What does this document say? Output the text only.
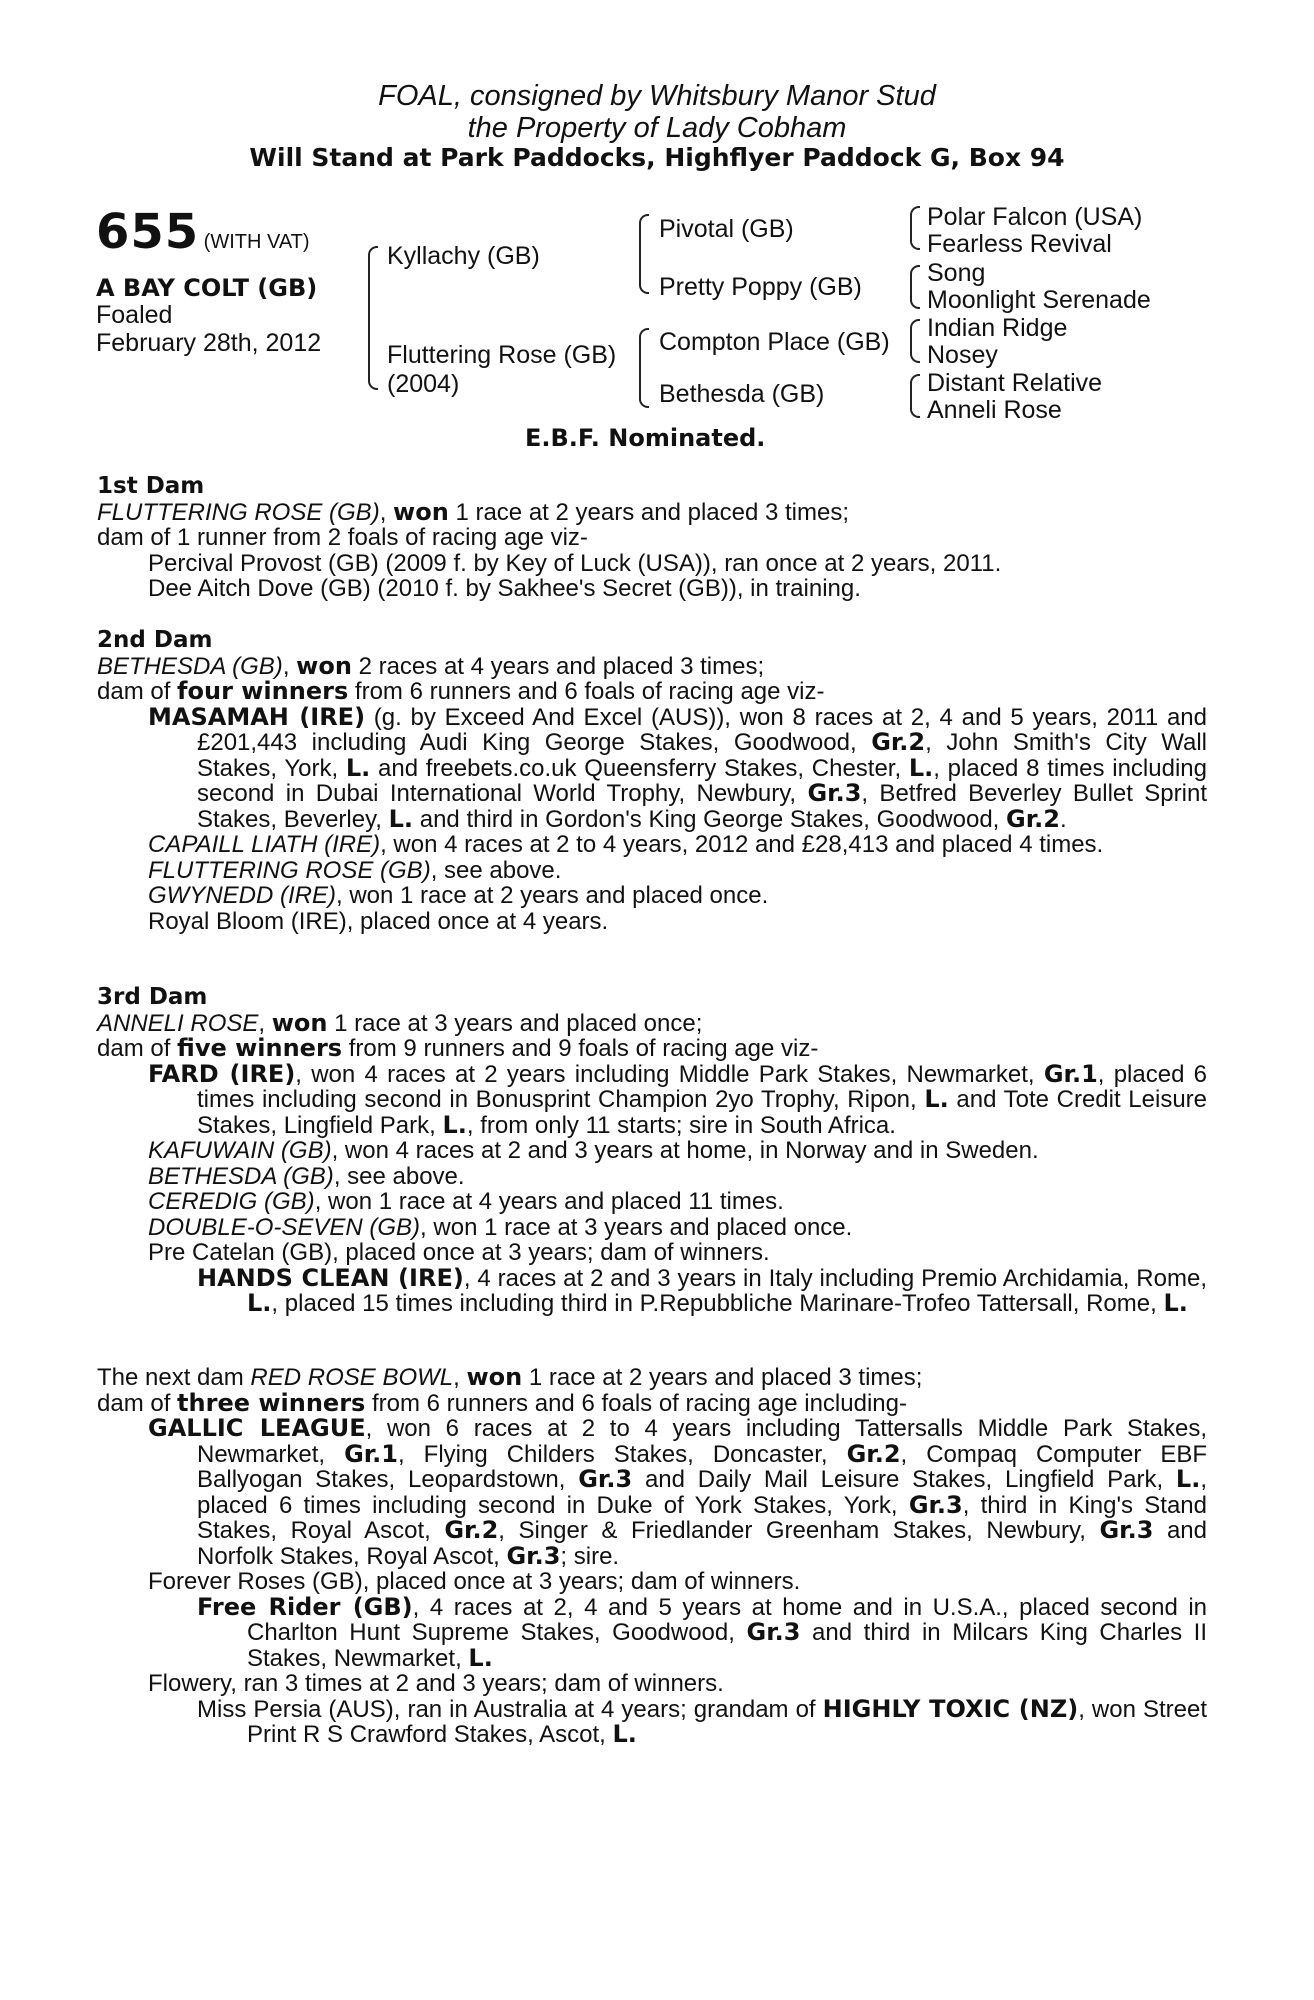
FOAL, consigned by Whitsbury Manor Stud
the Property of Lady Cobham
Will Stand at Park Paddocks, Highflyer Paddock G, Box 94
655 (WITH VAT)
A BAY COLT (GB)
Foaled
February 28th, 2012
Kyllachy (GB)
Fluttering Rose (GB)
(2004)
Pivotal (GB)
Pretty Poppy (GB)
Compton Place (GB)
Bethesda (GB)
Polar Falcon (USA)
Fearless Revival
Song
Moonlight Serenade
Indian Ridge
Nosey
Distant Relative
Anneli Rose
E.B.F. Nominated.
1st Dam
FLUTTERING ROSE (GB), won 1 race at 2 years and placed 3 times;
dam of 1 runner from 2 foals of racing age viz-
Percival Provost (GB) (2009 f. by Key of Luck (USA)), ran once at 2 years, 2011.
Dee Aitch Dove (GB) (2010 f. by Sakhee's Secret (GB)), in training.
2nd Dam
BETHESDA (GB), won 2 races at 4 years and placed 3 times;
dam of four winners from 6 runners and 6 foals of racing age viz-
MASAMAH (IRE) (g. by Exceed And Excel (AUS)), won 8 races at 2, 4 and 5 years, 2011 and £201,443 including Audi King George Stakes, Goodwood, Gr.2, John Smith's City Wall Stakes, York, L. and freebets.co.uk Queensferry Stakes, Chester, L., placed 8 times including second in Dubai International World Trophy, Newbury, Gr.3, Betfred Beverley Bullet Sprint Stakes, Beverley, L. and third in Gordon's King George Stakes, Goodwood, Gr.2.
CAPAILL LIATH (IRE), won 4 races at 2 to 4 years, 2012 and £28,413 and placed 4 times.
FLUTTERING ROSE (GB), see above.
GWYNEDD (IRE), won 1 race at 2 years and placed once.
Royal Bloom (IRE), placed once at 4 years.
3rd Dam
ANNELI ROSE, won 1 race at 3 years and placed once;
dam of five winners from 9 runners and 9 foals of racing age viz-
FARD (IRE), won 4 races at 2 years including Middle Park Stakes, Newmarket, Gr.1, placed 6 times including second in Bonusprint Champion 2yo Trophy, Ripon, L. and Tote Credit Leisure Stakes, Lingfield Park, L., from only 11 starts; sire in South Africa.
KAFUWAIN (GB), won 4 races at 2 and 3 years at home, in Norway and in Sweden.
BETHESDA (GB), see above.
CEREDIG (GB), won 1 race at 4 years and placed 11 times.
DOUBLE-O-SEVEN (GB), won 1 race at 3 years and placed once.
Pre Catelan (GB), placed once at 3 years; dam of winners.
HANDS CLEAN (IRE), 4 races at 2 and 3 years in Italy including Premio Archidamia, Rome, L., placed 15 times including third in P.Repubbliche Marinare-Trofeo Tattersall, Rome, L.
The next dam RED ROSE BOWL, won 1 race at 2 years and placed 3 times;
dam of three winners from 6 runners and 6 foals of racing age including-
GALLIC LEAGUE, won 6 races at 2 to 4 years including Tattersalls Middle Park Stakes, Newmarket, Gr.1, Flying Childers Stakes, Doncaster, Gr.2, Compaq Computer EBF Ballyogan Stakes, Leopardstown, Gr.3 and Daily Mail Leisure Stakes, Lingfield Park, L., placed 6 times including second in Duke of York Stakes, York, Gr.3, third in King's Stand Stakes, Royal Ascot, Gr.2, Singer & Friedlander Greenham Stakes, Newbury, Gr.3 and Norfolk Stakes, Royal Ascot, Gr.3; sire.
Forever Roses (GB), placed once at 3 years; dam of winners.
Free Rider (GB), 4 races at 2, 4 and 5 years at home and in U.S.A., placed second in Charlton Hunt Supreme Stakes, Goodwood, Gr.3 and third in Milcars King Charles II Stakes, Newmarket, L.
Flowery, ran 3 times at 2 and 3 years; dam of winners.
Miss Persia (AUS), ran in Australia at 4 years; grandam of HIGHLY TOXIC (NZ), won Street Print R S Crawford Stakes, Ascot, L.
